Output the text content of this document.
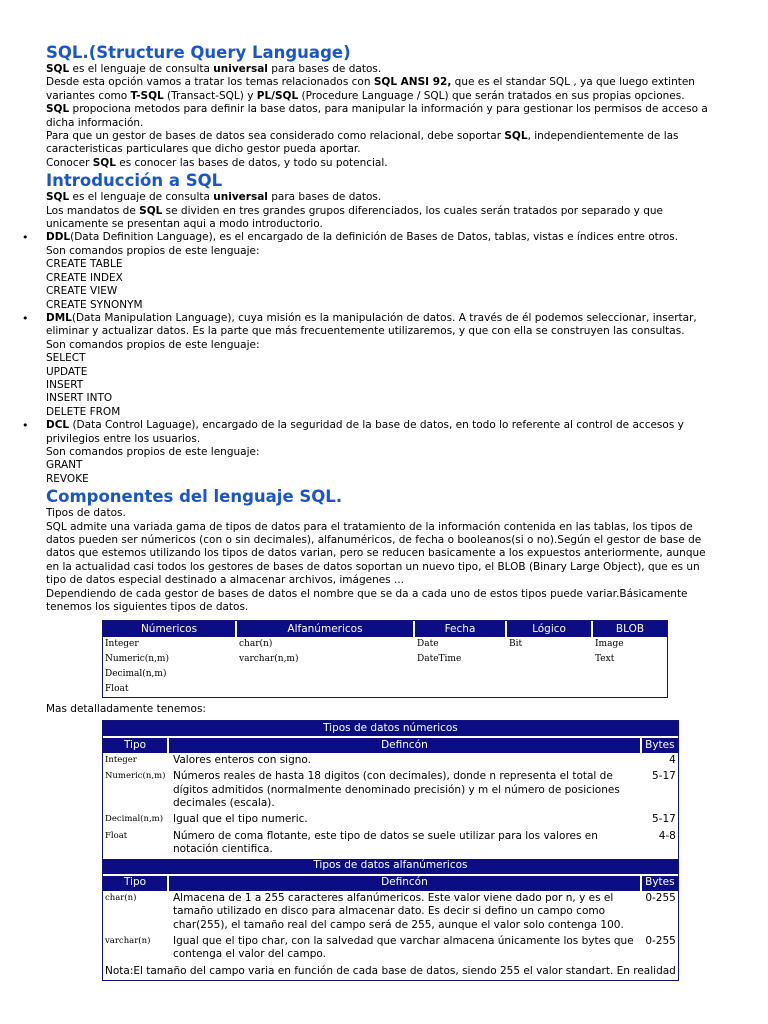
SQL.(Structure Query Language)

SQL es el lenguaje de consulta universal para bases de datos.

Desde esta opción vamos a tratar los temas relacionados con SQL ANSI 92, que es el standar SQL , ya que luego extinten

variantes como T-SQL (Transact-SQL) y PL/SQL (Procedure Language / SQL) que serán tratados en sus propias opciones.

SQL propociona metodos para definir la base datos, para manipular la información y para gestionar los permisos de acceso a dicha información.

Para que un gestor de bases de datos sea considerado como relacional, debe soportar SQL, independientemente de las caracteristicas particulares que dicho gestor pueda aportar.

Conocer SQL es conocer las bases de datos, y todo su potencial.

Introducción a SQL

SQL es el lenguaje de consulta universal para bases de datos.

Los mandatos de SQL se dividen en tres grandes grupos diferenciados, los cuales serán tratados por separado y que unicamente se presentan aqui a modo introductorio.

• DDL(Data Definition Language), es el encargado de la definición de Bases de Datos, tablas, vistas e índices entre otros.

Son comandos propios de este lenguaje:

CREATE TABLE

CREATE INDEX

CREATE VIEW

CREATE SYNONYM

• DML(Data Manipulation Language), cuya misión es la manipulación de datos. A través de él podemos seleccionar, insertar, eliminar y actualizar datos. Es la parte que más frecuentemente utilizaremos, y que con ella se construyen las consultas.

Son comandos propios de este lenguaje:

SELECT

UPDATE

INSERT

INSERT INTO

DELETE FROM

• DCL (Data Control Laguage), encargado de la seguridad de la base de datos, en todo lo referente al control de accesos y privilegios entre los usuarios.

Son comandos propios de este lenguaje:

GRANT

REVOKE

Componentes del lenguaje SQL.

Tipos de datos.

SQL admite una variada gama de tipos de datos para el tratamiento de la información contenida en las tablas, los tipos de datos pueden ser númericos (con o sin decimales), alfanuméricos, de fecha o booleanos(si o no).Según el gestor de base de datos que estemos utilizando los tipos de datos varian, pero se reducen basicamente a los expuestos anteriormente, aunque en la actualidad casi todos los gestores de bases de datos soportan un nuevo tipo, el BLOB (Binary Large Object), que es un tipo de datos especial destinado a almacenar archivos, imágenes ...

Dependiendo de cada gestor de bases de datos el nombre que se da a cada uno de estos tipos puede variar.Básicamente tenemos los siguientes tipos de datos.

Númericos	Alfanúmericos	Fecha	Lógico	BLOB
Integer	char(n)	Date	Bit	Image
Numeric(n,m)	varchar(n,m)	DateTime		Text
Decimal(n,m)				
Float				

Mas detalladamente tenemos:

Tipos de datos númericos		
Tipo	Defincón	Bytes
Integer	Valores enteros con signo.	4
Numeric(n,m)	Números reales de hasta 18 digitos (con decimales), donde n representa el total de dígitos admitidos (normalmente denominado precisión) y m el número de posiciones decimales (escala).	5-17
Decimal(n,m)	Igual que el tipo numeric.	5-17
Float	Número de coma flotante, este tipo de datos se suele utilizar para los valores en notación cientifica.	4-8
Tipos de datos alfanúmericos		
Tipo	Defincón	Bytes
char(n)	Almacena de 1 a 255 caracteres alfanúmericos. Este valor viene dado por n, y es el tamaño utilizado en disco para almacenar dato. Es decir si defino un campo como char(255), el tamaño real del campo será de 255, aunque el valor solo contenga 100.	0-255
varchar(n)	Igual que el tipo char, con la salvedad que varchar almacena únicamente los bytes que contenga el valor del campo.	0-255
Nota:El tamaño del campo varia en función de cada base de datos, siendo 255 el valor standart. En realidad		
